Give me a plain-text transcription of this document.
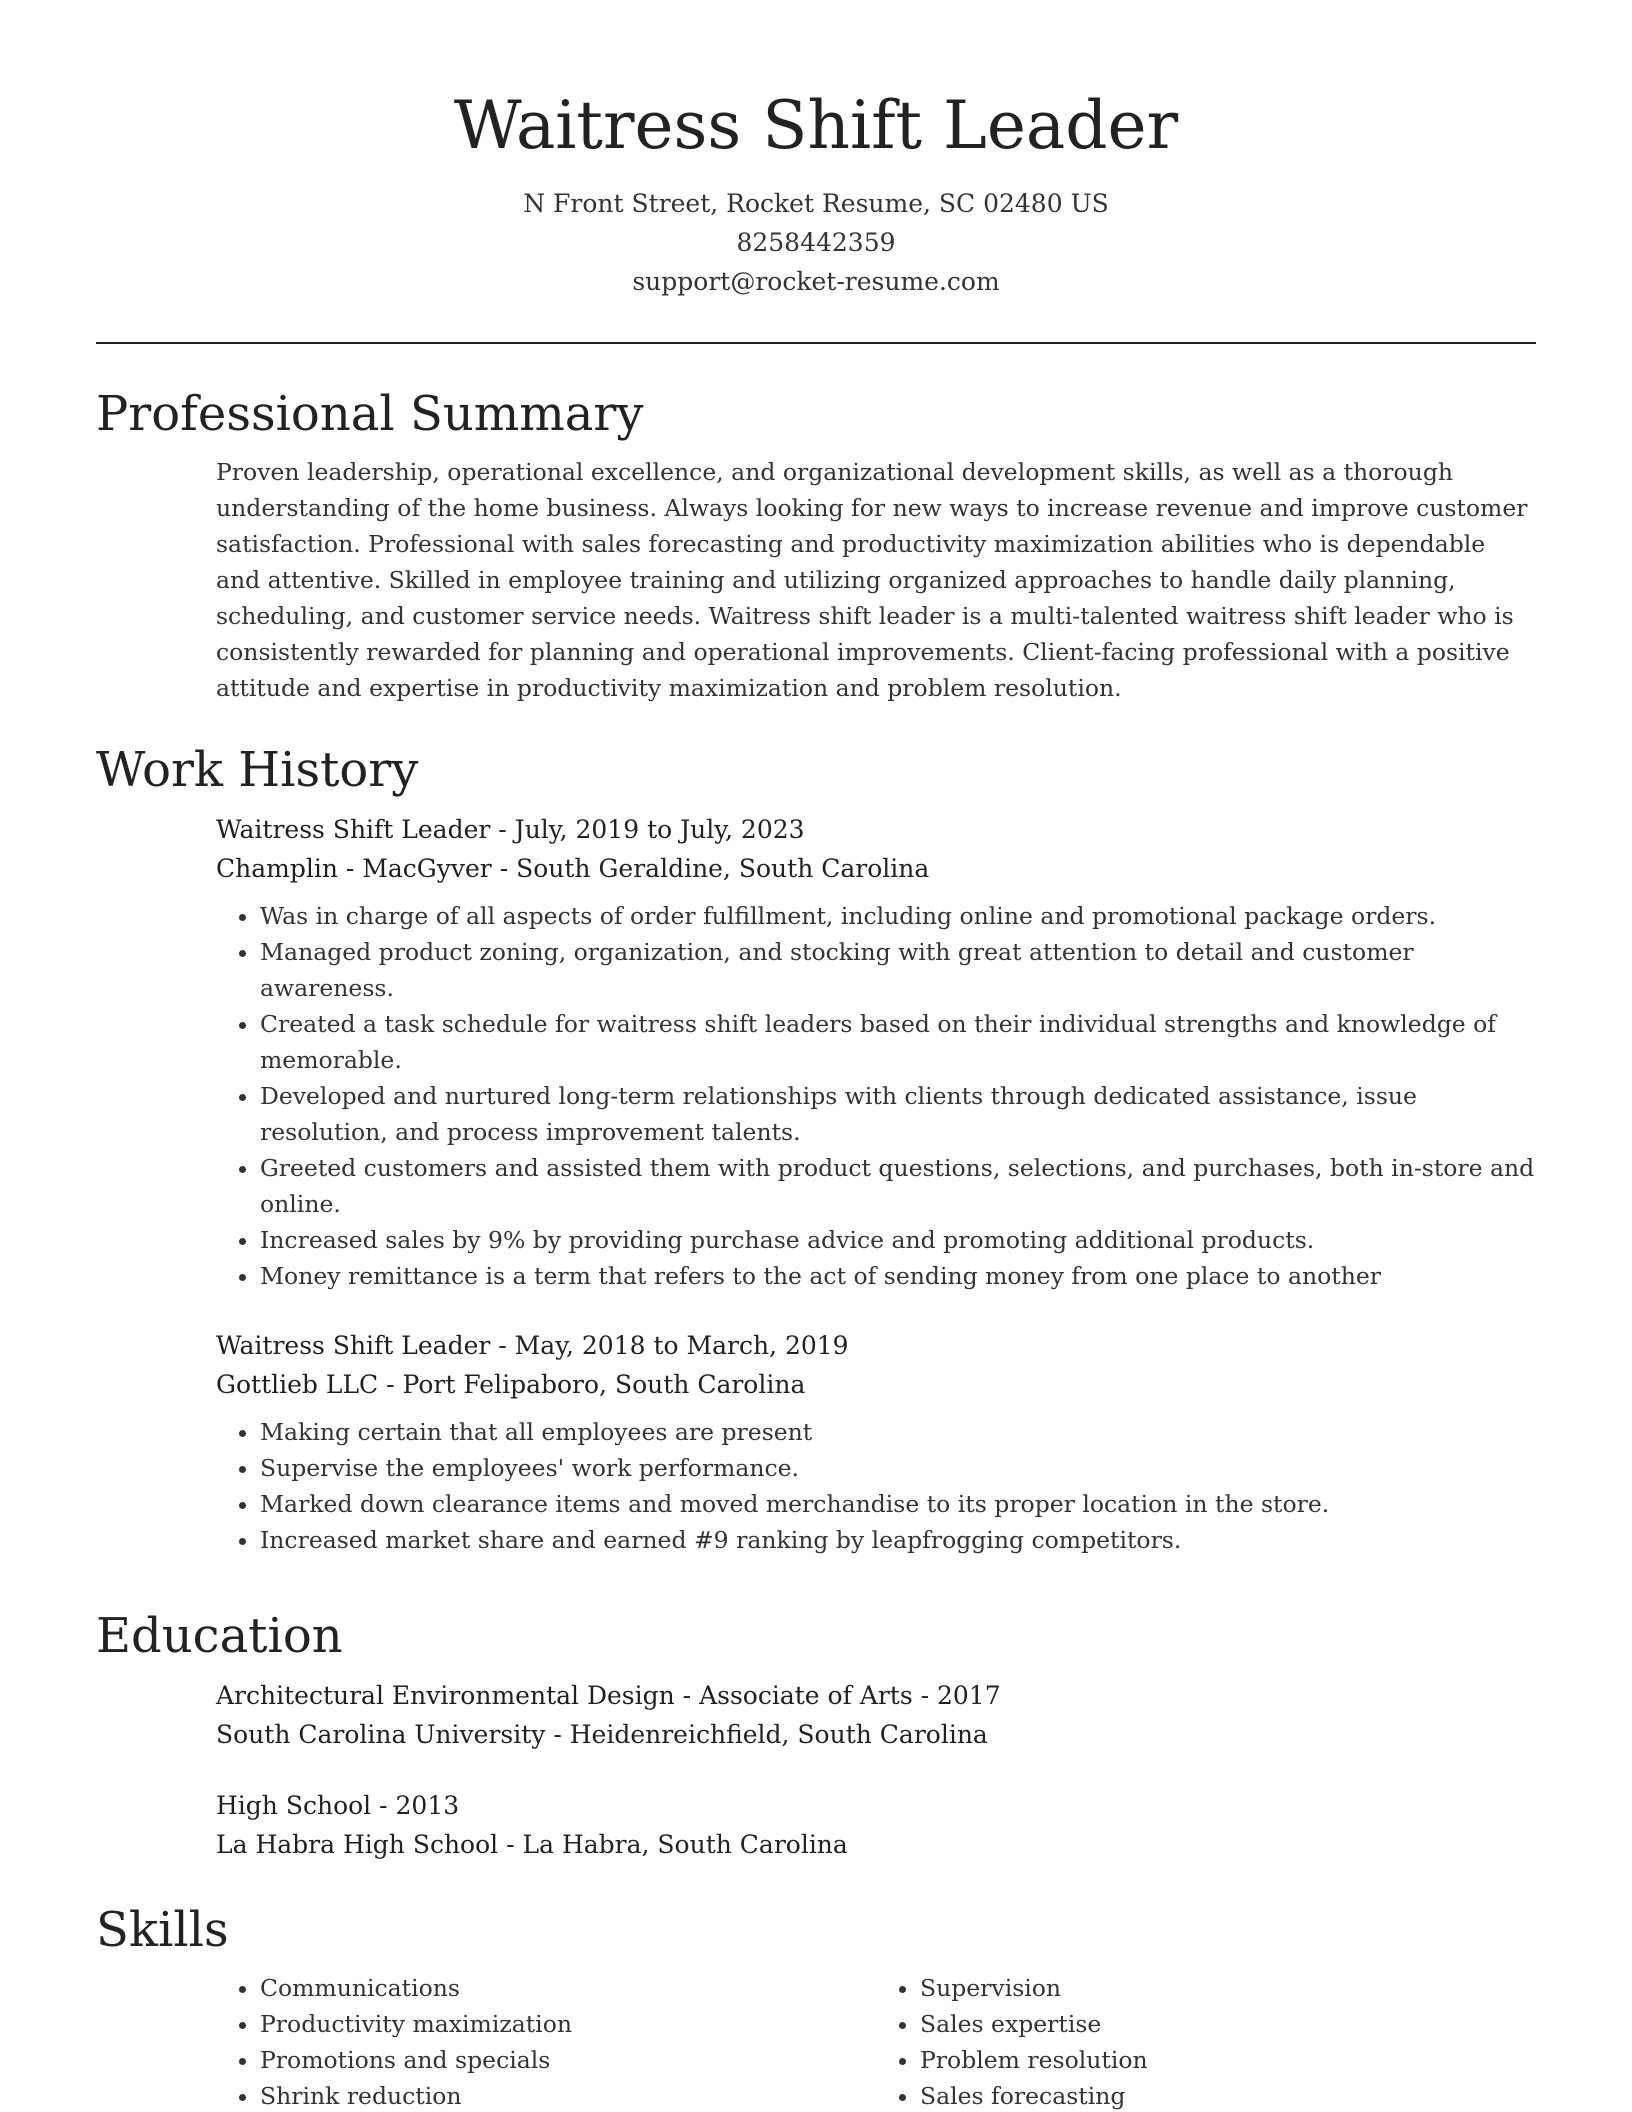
Waitress Shift Leader
N Front Street, Rocket Resume, SC 02480 US
8258442359
support@rocket-resume.com
Professional Summary

Proven leadership, operational excellence, and organizational development skills, as well as a thorough understanding of the home business. Always looking for new ways to increase revenue and improve customer satisfaction. Professional with sales forecasting and productivity maximization abilities who is dependable and attentive. Skilled in employee training and utilizing organized approaches to handle daily planning, scheduling, and customer service needs. Waitress shift leader is a multi-talented waitress shift leader who is consistently rewarded for planning and operational improvements. Client-facing professional with a positive attitude and expertise in productivity maximization and problem resolution.

Work History
Waitress Shift Leader - July, 2019 to July, 2023
Champlin - MacGyver - South Geraldine, South Carolina
• Was in charge of all aspects of order fulfillment, including online and promotional package orders.
• Managed product zoning, organization, and stocking with great attention to detail and customer awareness.
• Created a task schedule for waitress shift leaders based on their individual strengths and knowledge of memorable.
• Developed and nurtured long-term relationships with clients through dedicated assistance, issue resolution, and process improvement talents.
• Greeted customers and assisted them with product questions, selections, and purchases, both in-store and online.
• Increased sales by 9% by providing purchase advice and promoting additional products.
• Money remittance is a term that refers to the act of sending money from one place to another
Waitress Shift Leader - May, 2018 to March, 2019
Gottlieb LLC - Port Felipaboro, South Carolina
• Making certain that all employees are present
• Supervise the employees' work performance.
• Marked down clearance items and moved merchandise to its proper location in the store.
• Increased market share and earned #9 ranking by leapfrogging competitors.
Education
Architectural Environmental Design - Associate of Arts - 2017
South Carolina University - Heidenreichfield, South Carolina
High School - 2013
La Habra High School - La Habra, South Carolina
Skills
• Communications
• Productivity maximization
• Promotions and specials
• Shrink reduction
• Supervision
• Sales expertise
• Problem resolution
• Sales forecasting
